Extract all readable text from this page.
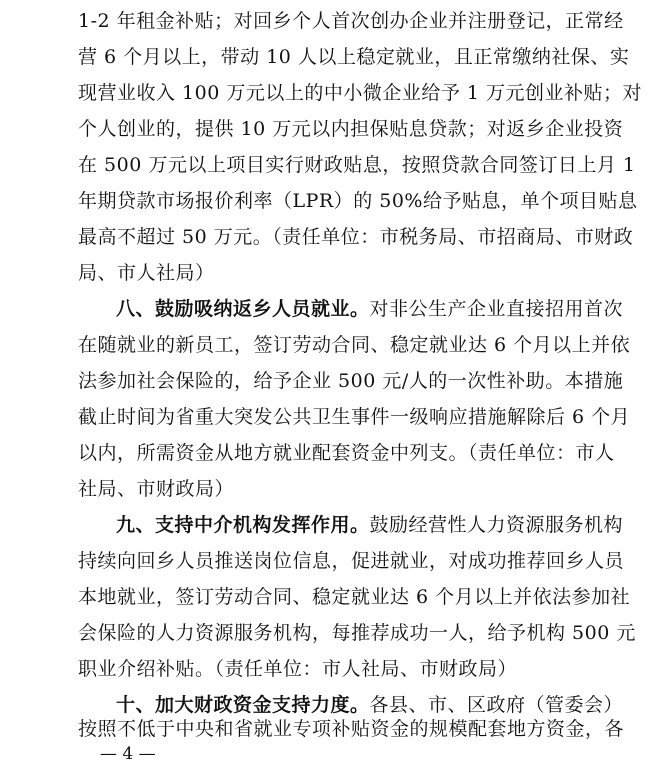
1-2 年租金补贴；对回乡个人首次创办企业并注册登记，正常经
营 6 个月以上，带动 10 人以上稳定就业，且正常缴纳社保、实
现营业收入 100 万元以上的中小微企业给予 1 万元创业补贴；对
个人创业的，提供 10 万元以内担保贴息贷款；对返乡企业投资
在 500 万元以上项目实行财政贴息，按照贷款合同签订日上月 1
年期贷款市场报价利率（LPR）的 50%给予贴息，单个项目贴息
最高不超过 50 万元。（责任单位：市税务局、市招商局、市财政
局、市人社局）
八、鼓励吸纳返乡人员就业。对非公生产企业直接招用首次
在随就业的新员工，签订劳动合同、稳定就业达 6 个月以上并依
法参加社会保险的，给予企业 500 元/人的一次性补助。本措施
截止时间为省重大突发公共卫生事件一级响应措施解除后 6 个月
以内，所需资金从地方就业配套资金中列支。（责任单位：市人
社局、市财政局）
九、支持中介机构发挥作用。鼓励经营性人力资源服务机构
持续向回乡人员推送岗位信息，促进就业，对成功推荐回乡人员
本地就业，签订劳动合同、稳定就业达 6 个月以上并依法参加社
会保险的人力资源服务机构，每推荐成功一人，给予机构 500 元
职业介绍补贴。（责任单位：市人社局、市财政局）
十、加大财政资金支持力度。各县、市、区政府（管委会）
按照不低于中央和省就业专项补贴资金的规模配套地方资金，各
— 4 —
